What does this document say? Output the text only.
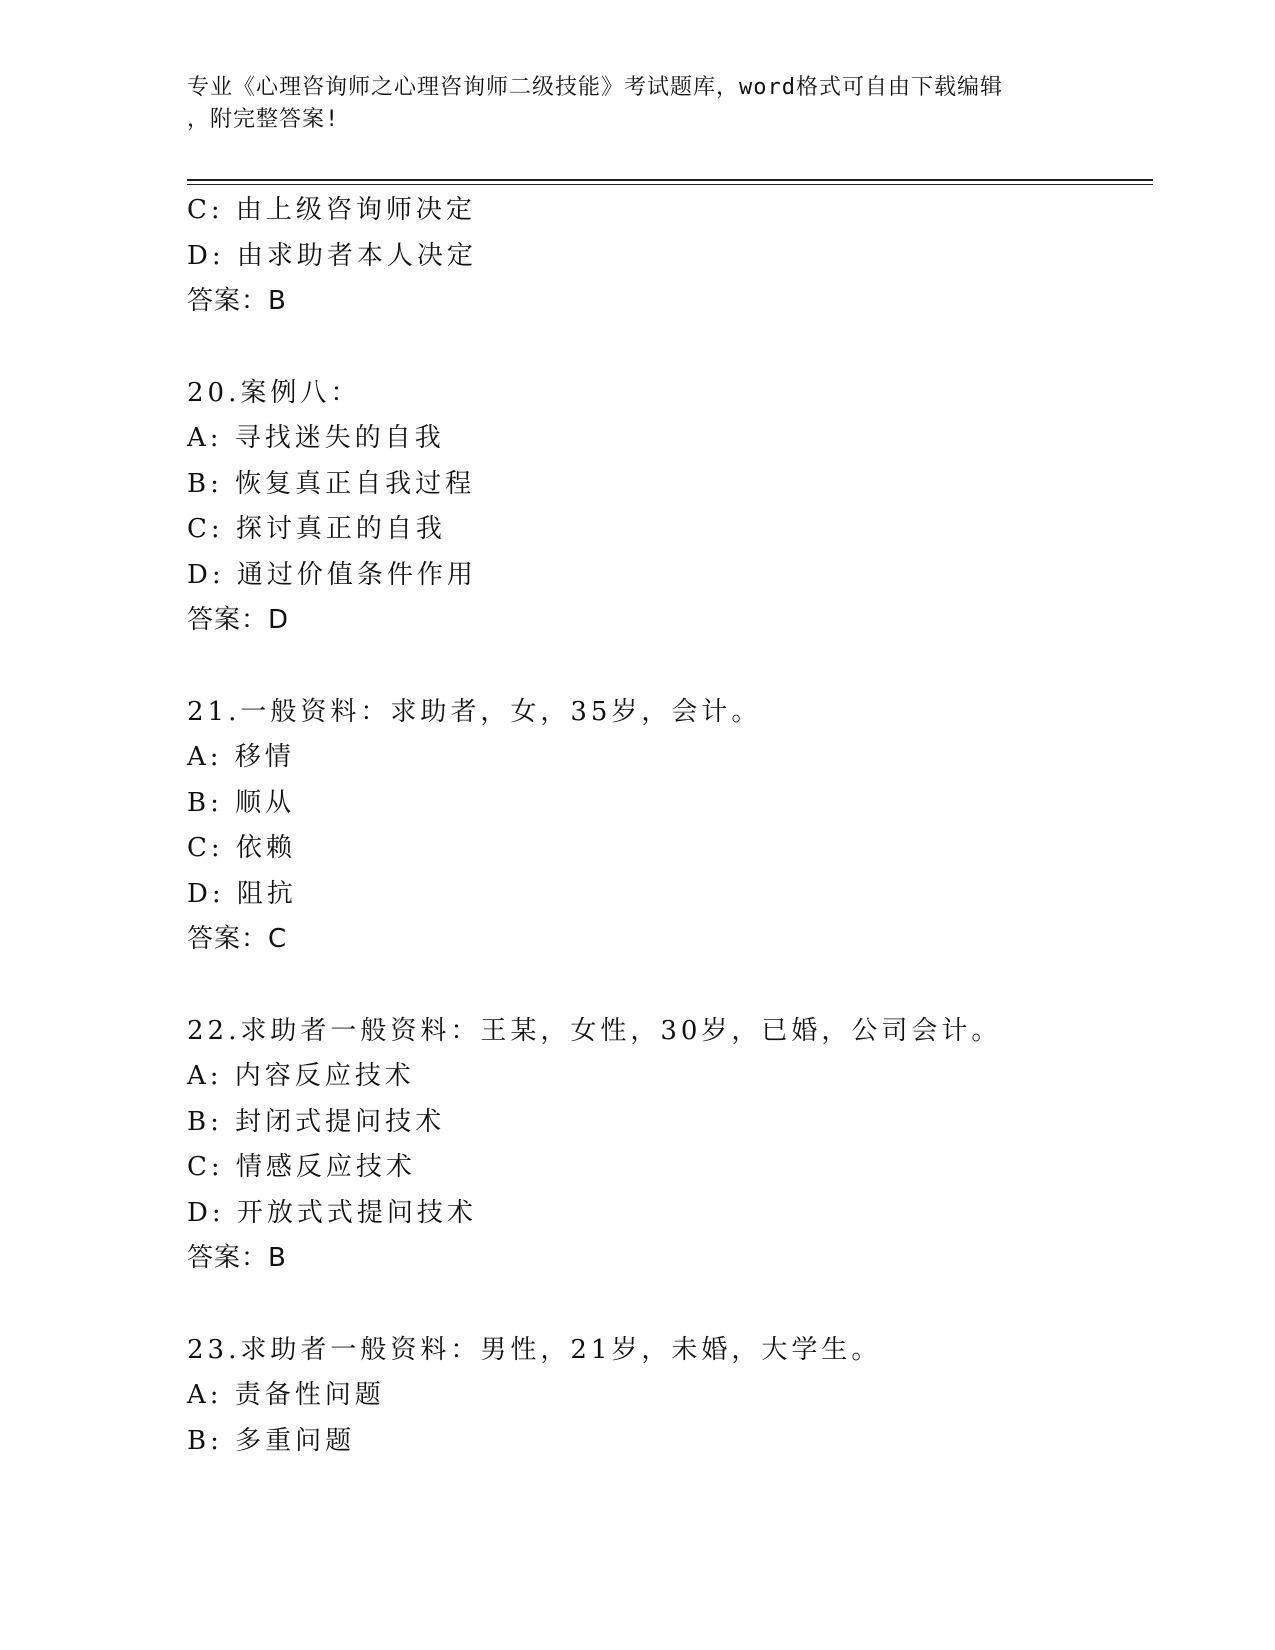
专业《心理咨询师之心理咨询师二级技能》考试题库，word格式可自由下载编辑
，附完整答案!
C: 由上级咨询师决定
D: 由求助者本人决定
答案：B
20.案例八：
A: 寻找迷失的自我
B: 恢复真正自我过程
C: 探讨真正的自我
D: 通过价值条件作用
答案：D
21.一般资料：求助者，女，35岁，会计。
A: 移情
B: 顺从
C: 依赖
D: 阻抗
答案：C
22.求助者一般资料：王某，女性，30岁，已婚，公司会计。
A: 内容反应技术
B: 封闭式提问技术
C: 情感反应技术
D: 开放式式提问技术
答案：B
23.求助者一般资料：男性，21岁，未婚，大学生。
A: 责备性问题
B: 多重问题
